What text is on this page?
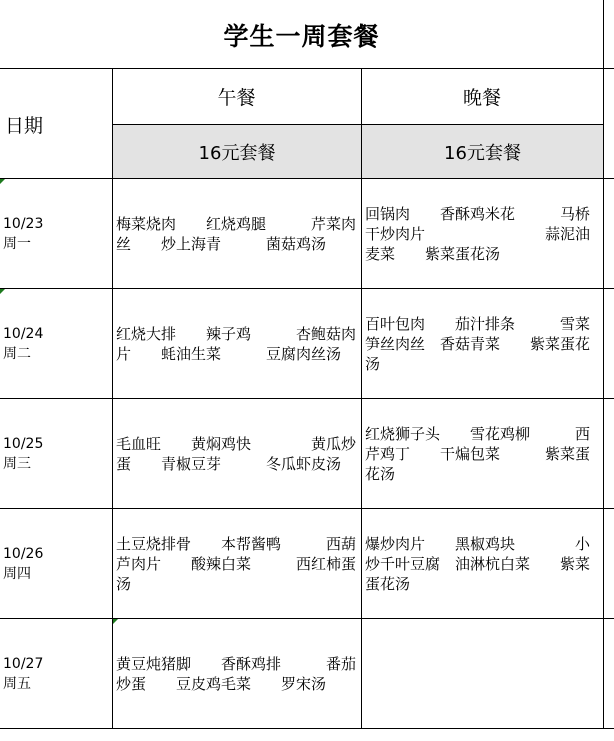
学生一周套餐
日期
午餐	晚餐
16元套餐	16元套餐
10/23
周一
梅菜烧肉　　红烧鸡腿　　　芹菜肉丝　　炒上海青　　　菌菇鸡汤
回锅肉　　香酥鸡米花　　　马桥干炒肉片　　　　　　　　蒜泥油麦菜　　紫菜蛋花汤
10/24
周二
红烧大排　　辣子鸡　　　杏鲍菇肉片　　蚝油生菜　　　豆腐肉丝汤
百叶包肉　　茄汁排条　　　雪菜笋丝肉丝　香菇青菜　　紫菜蛋花汤
10/25
周三
毛血旺　　黄焖鸡快　　　　黄瓜炒蛋　　青椒豆芽　　　冬瓜虾皮汤
红烧狮子头　　雪花鸡柳　　　西芹鸡丁　　干煸包菜　　　紫菜蛋花汤
10/26
周四
土豆烧排骨　　本帮酱鸭　　　西葫芦肉片　　酸辣白菜　　　西红柿蛋汤
爆炒肉片　　黑椒鸡块　　　　小炒千叶豆腐　油淋杭白菜　　紫菜蛋花汤
10/27
周五
黄豆炖猪脚　　香酥鸡排　　　番茄炒蛋　　豆皮鸡毛菜　　罗宋汤
